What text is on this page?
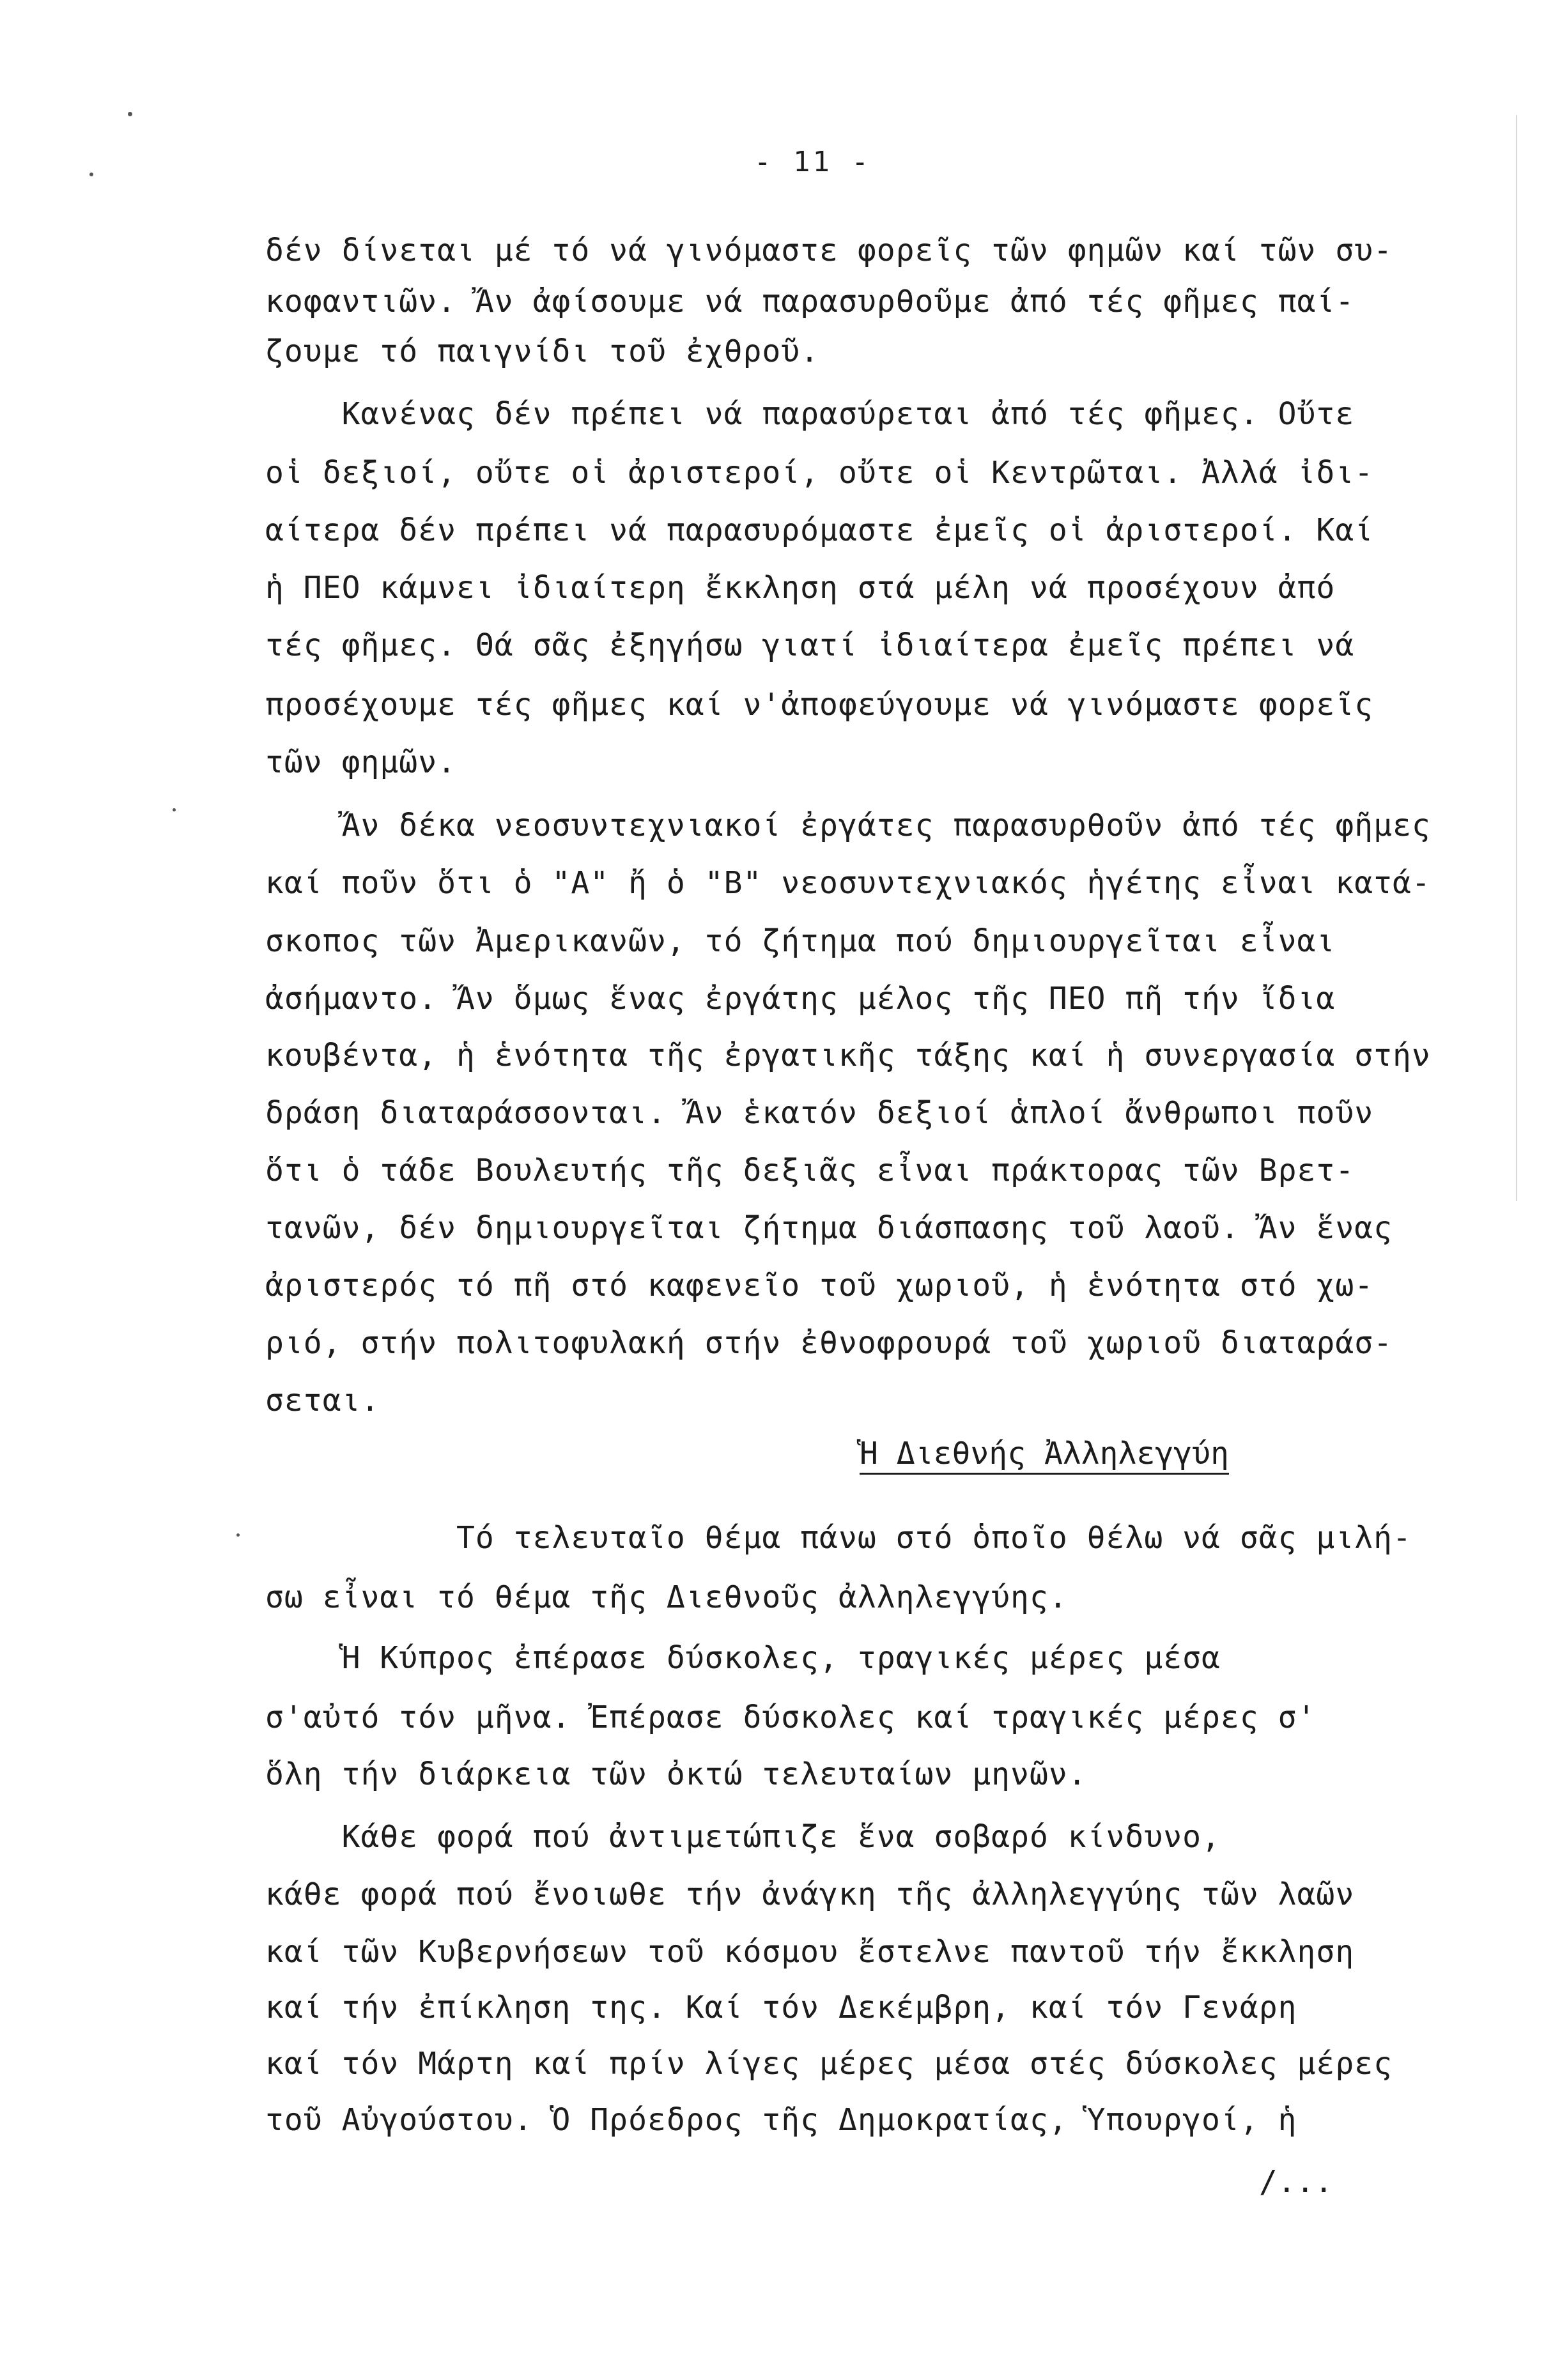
- 11 -
δέν δίνεται μέ τό νά γινόμαστε φορεῖς τῶν φημῶν καί τῶν συ-
κοφαντιῶν. Ἄν ἀφίσουμε νά παρασυρθοῦμε ἀπό τές φῆμες παί-
ζουμε τό παιγνίδι τοῦ ἐχθροῦ.
Κανένας δέν πρέπει νά παρασύρεται ἀπό τές φῆμες. Οὔτε
οἱ δεξιοί, οὔτε οἱ ἀριστεροί, οὔτε οἱ Κεντρῶται. Ἀλλά ἰδι-
αίτερα δέν πρέπει νά παρασυρόμαστε ἐμεῖς οἱ ἀριστεροί. Καί
ἡ ΠΕΟ κάμνει ἰδιαίτερη ἔκκληση στά μέλη νά προσέχουν ἀπό
τές φῆμες. Θά σᾶς ἐξηγήσω γιατί ἰδιαίτερα ἐμεῖς πρέπει νά
προσέχουμε τές φῆμες καί ν'ἀποφεύγουμε νά γινόμαστε φορεῖς
τῶν φημῶν.
Ἄν δέκα νεοσυντεχνιακοί ἐργάτες παρασυρθοῦν ἀπό τές φῆμες
καί ποῦν ὅτι ὁ "Α" ἤ ὁ "Β" νεοσυντεχνιακός ἡγέτης εἶναι κατά-
σκοπος τῶν Ἀμερικανῶν, τό ζήτημα πού δημιουργεῖται εἶναι
ἀσήμαντο. Ἄν ὅμως ἕνας ἐργάτης μέλος τῆς ΠΕΟ πῆ τήν ἴδια
κουβέντα, ἡ ἑνότητα τῆς ἐργατικῆς τάξης καί ἡ συνεργασία στήν
δράση διαταράσσονται. Ἄν ἑκατόν δεξιοί ἁπλοί ἄνθρωποι ποῦν
ὅτι ὁ τάδε Βουλευτής τῆς δεξιᾶς εἶναι πράκτορας τῶν Βρετ-
τανῶν, δέν δημιουργεῖται ζήτημα διάσπασης τοῦ λαοῦ. Ἄν ἕνας
ἀριστερός τό πῆ στό καφενεῖο τοῦ χωριοῦ, ἡ ἑνότητα στό χω-
ριό, στήν πολιτοφυλακή στήν ἐθνοφρουρά τοῦ χωριοῦ διαταράσ-
σεται.
Ἡ Διεθνής Ἀλληλεγγύη
Τό τελευταῖο θέμα πάνω στό ὁποῖο θέλω νά σᾶς μιλή-
σω εἶναι τό θέμα τῆς Διεθνοῦς ἀλληλεγγύης.
Ἡ Κύπρος ἐπέρασε δύσκολες, τραγικές μέρες μέσα
σ'αὐτό τόν μῆνα. Ἐπέρασε δύσκολες καί τραγικές μέρες σ'
ὅλη τήν διάρκεια τῶν ὀκτώ τελευταίων μηνῶν.
Κάθε φορά πού ἀντιμετώπιζε ἕνα σοβαρό κίνδυνο,
κάθε φορά πού ἔνοιωθε τήν ἀνάγκη τῆς ἀλληλεγγύης τῶν λαῶν
καί τῶν Κυβερνήσεων τοῦ κόσμου ἔστελνε παντοῦ τήν ἔκκληση
καί τήν ἐπίκληση της. Καί τόν Δεκέμβρη, καί τόν Γενάρη
καί τόν Μάρτη καί πρίν λίγες μέρες μέσα στές δύσκολες μέρες
τοῦ Αὐγούστου. Ὁ Πρόεδρος τῆς Δημοκρατίας, Ὑπουργοί, ἡ
/...
